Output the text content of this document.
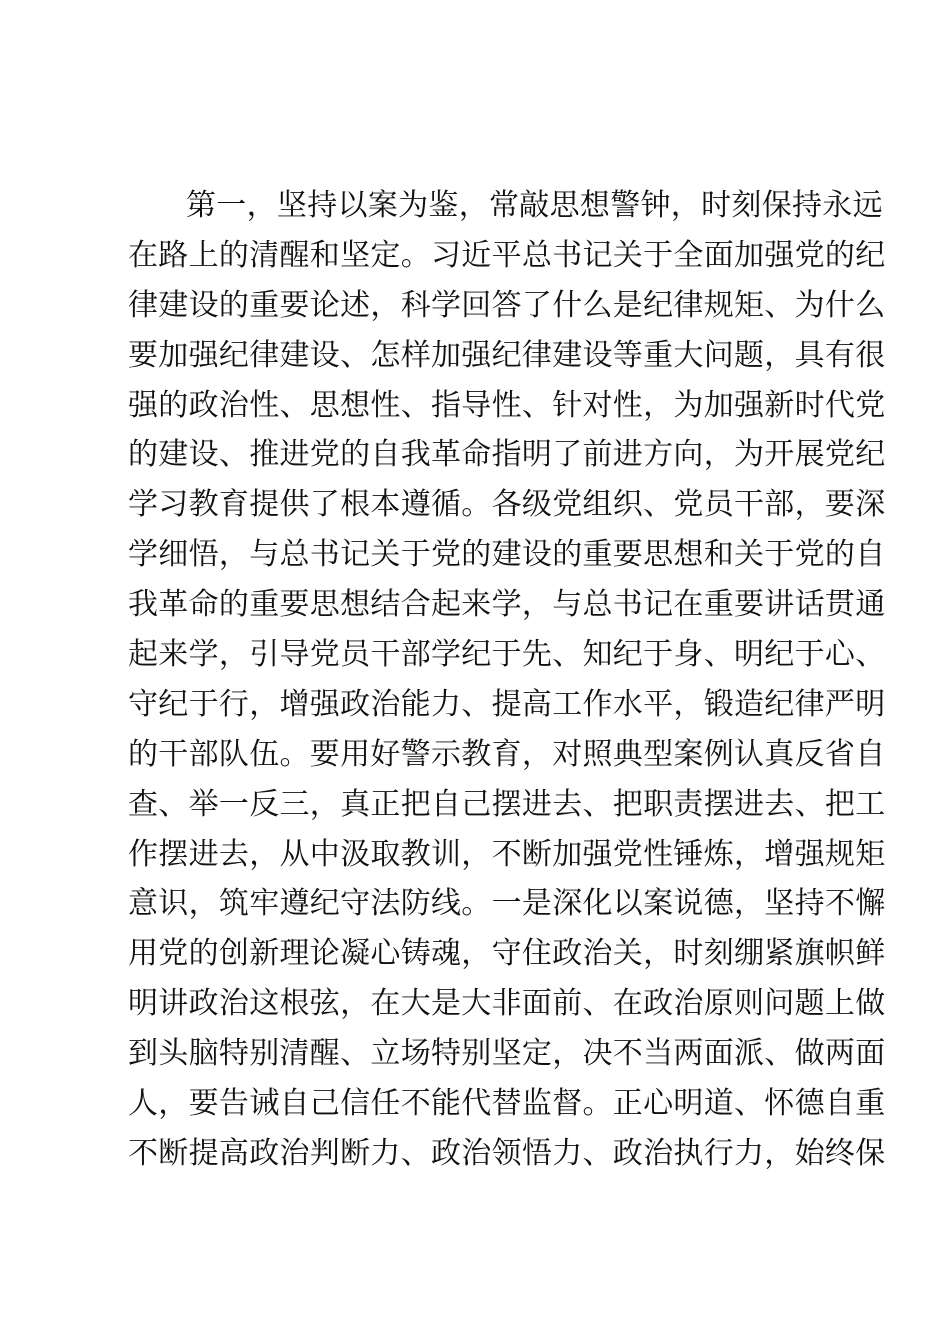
第一，坚持以案为鉴，常敲思想警钟，时刻保持永远
在路上的清醒和坚定。习近平总书记关于全面加强党的纪
律建设的重要论述，科学回答了什么是纪律规矩、为什么
要加强纪律建设、怎样加强纪律建设等重大问题，具有很
强的政治性、思想性、指导性、针对性，为加强新时代党
的建设、推进党的自我革命指明了前进方向，为开展党纪
学习教育提供了根本遵循。各级党组织、党员干部，要深
学细悟，与总书记关于党的建设的重要思想和关于党的自
我革命的重要思想结合起来学，与总书记在重要讲话贯通
起来学，引导党员干部学纪于先、知纪于身、明纪于心、
守纪于行，增强政治能力、提高工作水平，锻造纪律严明
的干部队伍。要用好警示教育，对照典型案例认真反省自
查、举一反三，真正把自己摆进去、把职责摆进去、把工
作摆进去，从中汲取教训，不断加强党性锤炼，增强规矩
意识，筑牢遵纪守法防线。一是深化以案说德，坚持不懈
用党的创新理论凝心铸魂，守住政治关，时刻绷紧旗帜鲜
明讲政治这根弦，在大是大非面前、在政治原则问题上做
到头脑特别清醒、立场特别坚定，决不当两面派、做两面
人，要告诫自己信任不能代替监督。正心明道、怀德自重
不断提高政治判断力、政治领悟力、政治执行力，始终保
